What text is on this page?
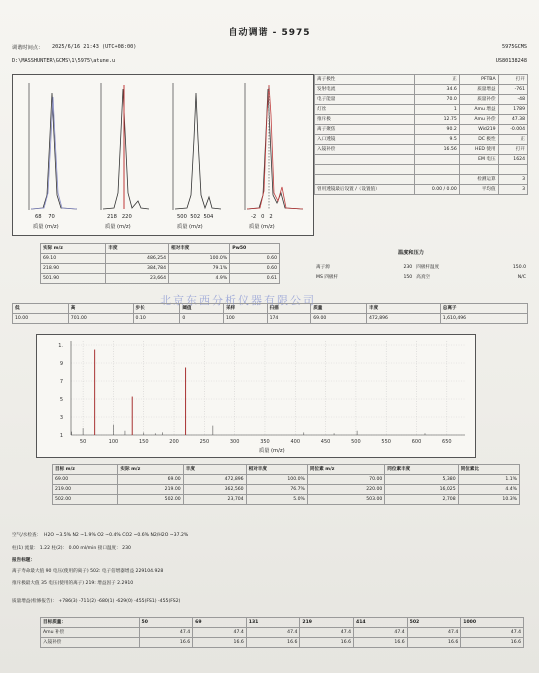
自动调谐 - 5975
调谐时间点： 2025/6/16 21:43 (UTC+08:00)
D:\MASSHUNTER\GCMS\1\5975\atune.u
5975GCMS
US80138248
68 70
质量 (m/z)
218 220
质量 (m/z)
500 502 504
质量 (m/z)
-2 0 2
质量 (m/z)
离子极性	正	PFTBA	打开
发射电流	34.6	质量增益	-761
电子能量	70.0	质量补偿	-48
灯丝	1	Amu 增益	1789
推斥极	12.75	Amu 补偿	47.38
离子聚焦	90.2	Wid219	-0.004
入口透镜	9.5	DC 极性	正
入镜补偿	16.56	HED 使用	打开
		EM 电压	1624

		检测运算	3
曾用透镜最后设置 /（设置值）	0.00 / 0.00	平均值	3
实际 m/z	丰度	相对丰度	Pw50
69.10	486,254	100.0%	0.60
218.90	384,784	79.1%	0.60
501.90	23,664	4.9%	0.61
温度和压力
离子源	230	四极杆温度	150.0
MS 四极杆	150	高真空	N/C
北京东西分析仪器有限公司
低	高	步长	阈值	采样	扫描	质量	丰度	总离子
10.00	701.00	0.10	0	100	174	69.00	472,896	1,610,496
50	100	150	200	250	300	350	400	450	500	550	600	650
1.
9
7
5
3
1
质量 (m/z)
目标 m/z	实际 m/z	丰度	相对丰度	同位素 m/z	同位素丰度	同位素比
69.00	69.00	472,896	100.0%	70.00	5,380	1.1%
219.00	219.00	362,560	76.7%	220.00	16,025	4.4%
502.00	502.00	23,704	5.0%	503.00	2,708	10.3%
空气/水检查： H2O ~3.5% N2 ~1.9% O2 ~0.4% CO2 ~0.6% N2/H2O ~37.2%
柱(1) 流量： 1.22 柱(2)： 0.00 ml/min 接口温度： 230
报告标题：
离子寿命最大值 90 电压(使用的离子) 502: 电子倍增器增益 229104.928
推斥极最大值 35 电压(使用的离子) 219: 增益因子 2.2910
质量增益(检修报告)： +786(3) -711(2) -680(1) -629(0) -455(FS1) -455(FS2)
目标质量：	50	69	131	219	414	502	1000
Amu 补偿	47.4	47.4	47.4	47.4	47.4	47.4	47.4
入镜补偿	16.6	16.6	16.6	16.6	16.6	16.6	16.6
